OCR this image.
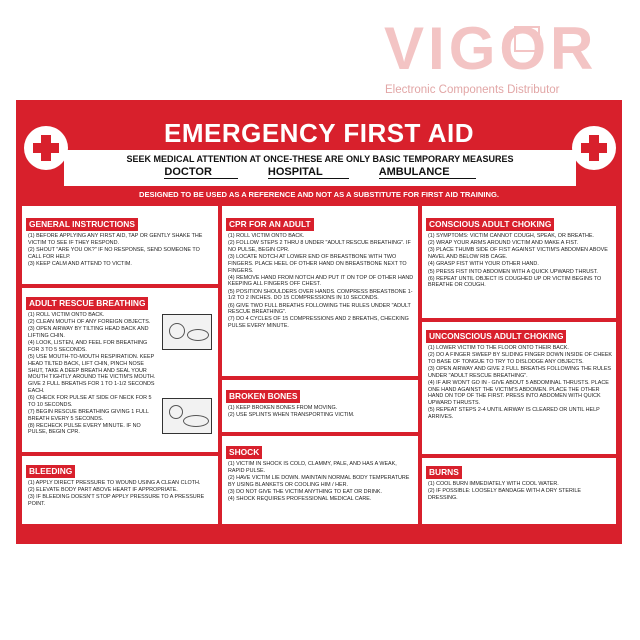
VIGOR
Electronic Components Distributor
EMERGENCY FIRST AID
SEEK MEDICAL ATTENTION AT ONCE-THESE ARE ONLY BASIC TEMPORARY MEASURES
DOCTOR	HOSPITAL	AMBULANCE
DESIGNED TO BE USED AS A REFERENCE AND NOT AS A SUBSTITUTE FOR FIRST AID TRAINING.
GENERAL INSTRUCTIONS
(1) BEFORE APPLYING ANY FIRST AID, TAP OR GENTLY SHAKE THE VICTIM TO SEE IF THEY RESPOND.
(2) SHOUT "ARE YOU OK?" IF NO RESPONSE, SEND SOMEONE TO CALL FOR HELP.
(3) KEEP CALM AND ATTEND TO VICTIM.
ADULT RESCUE BREATHING
(1) ROLL VICTIM ONTO BACK.
(2) CLEAN MOUTH OF ANY FOREIGN OBJECTS.
(3) OPEN AIRWAY BY TILTING HEAD BACK AND LIFTING CHIN.
(4) LOOK, LISTEN, AND FEEL FOR BREATHING FOR 3 TO 5 SECONDS.
(5) USE MOUTH-TO-MOUTH RESPIRATION. KEEP HEAD TILTED BACK, LIFT CHIN, PINCH NOSE SHUT, TAKE A DEEP BREATH AND SEAL YOUR MOUTH TIGHTLY AROUND THE VICTIM'S MOUTH. GIVE 2 FULL BREATHS FOR 1 TO 1-1/2 SECONDS EACH.
(6) CHECK FOR PULSE AT SIDE OF NECK FOR 5 TO 10 SECONDS.
(7) BEGIN RESCUE BREATHING GIVING 1 FULL BREATH EVERY 5 SECONDS.
(8) RECHECK PULSE EVERY MINUTE. IF NO PULSE, BEGIN CPR.
BLEEDING
(1) APPLY DIRECT PRESSURE TO WOUND USING A CLEAN CLOTH.
(2) ELEVATE BODY PART ABOVE HEART IF APPROPRIATE.
(3) IF BLEEDING DOESN'T STOP APPLY PRESSURE TO A PRESSURE POINT.
CPR FOR AN ADULT
(1) ROLL VICTIM ONTO BACK.
(2) FOLLOW STEPS 2 THRU 8 UNDER "ADULT RESCUE BREATHING". IF NO PULSE, BEGIN CPR.
(3) LOCATE NOTCH AT LOWER END OF BREASTBONE WITH TWO FINGERS. PLACE HEEL OF OTHER HAND ON BREASTBONE NEXT TO FINGERS.
(4) REMOVE HAND FROM NOTCH AND PUT IT ON TOP OF OTHER HAND KEEPING ALL FINGERS OFF CHEST.
(5) POSITION SHOULDERS OVER HANDS. COMPRESS BREASTBONE 1-1/2 TO 2 INCHES. DO 15 COMPRESSIONS IN 10 SECONDS.
(6) GIVE TWO FULL BREATHS FOLLOWING THE RULES UNDER "ADULT RESCUE BREATHING".
(7) DO 4 CYCLES OF 15 COMPRESSIONS AND 2 BREATHS, CHECKING PULSE EVERY MINUTE.
BROKEN BONES
(1) KEEP BROKEN BONES FROM MOVING.
(2) USE SPLINTS WHEN TRANSPORTING VICTIM.
SHOCK
(1) VICTIM IN SHOCK IS COLD, CLAMMY, PALE, AND HAS A WEAK, RAPID PULSE.
(2) HAVE VICTIM LIE DOWN. MAINTAIN NORMAL BODY TEMPERATURE BY USING BLANKETS OR COOLING HIM / HER.
(3) DO NOT GIVE THE VICTIM ANYTHING TO EAT OR DRINK.
(4) SHOCK REQUIRES PROFESSIONAL MEDICAL CARE.
CONSCIOUS ADULT CHOKING
(1) SYMPTOMS: VICTIM CANNOT COUGH, SPEAK, OR BREATHE.
(2) WRAP YOUR ARMS AROUND VICTIM AND MAKE A FIST.
(3) PLACE THUMB SIDE OF FIST AGAINST VICTIM'S ABDOMEN ABOVE NAVEL AND BELOW RIB CAGE.
(4) GRASP FIST WITH YOUR OTHER HAND.
(5) PRESS FIST INTO ABDOMEN WITH A QUICK UPWARD THRUST.
(6) REPEAT UNTIL OBJECT IS COUGHED UP OR VICTIM BEGINS TO BREATHE OR COUGH.
UNCONSCIOUS ADULT CHOKING
(1) LOWER VICTIM TO THE FLOOR ONTO THEIR BACK.
(2) DO A FINGER SWEEP BY SLIDING FINGER DOWN INSIDE OF CHEEK TO BASE OF TONGUE TO TRY TO DISLODGE ANY OBJECTS.
(3) OPEN AIRWAY AND GIVE 2 FULL BREATHS FOLLOWING THE RULES UNDER "ADULT RESCUE BREATHING".
(4) IF AIR WON'T GO IN - GIVE ABOUT 5 ABDOMINAL THRUSTS. PLACE ONE HAND AGAINST THE VICTIM'S ABDOMEN. PLACE THE OTHER HAND ON TOP OF THE FIRST. PRESS INTO ABDOMEN WITH QUICK UPWARD THRUSTS.
(5) REPEAT STEPS 2-4 UNTIL AIRWAY IS CLEARED OR UNTIL HELP ARRIVES.
BURNS
(1) COOL BURN IMMEDIATELY WITH COOL WATER.
(2) IF POSSIBLE: LOOSELY BANDAGE WITH A DRY STERILE DRESSING.
